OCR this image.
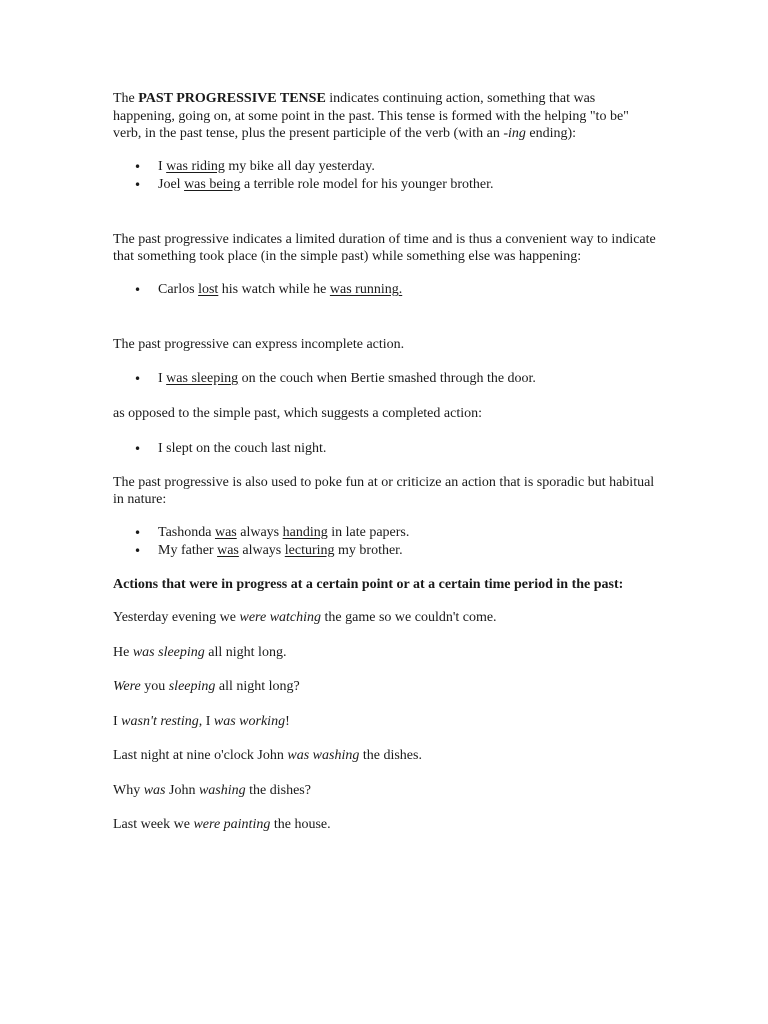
The PAST PROGRESSIVE TENSE indicates continuing action, something that was happening, going on, at some point in the past. This tense is formed with the helping "to be" verb, in the past tense, plus the present participle of the verb (with an -ing ending):

• I was riding my bike all day yesterday.
• Joel was being a terrible role model for his younger brother.

The past progressive indicates a limited duration of time and is thus a convenient way to indicate that something took place (in the simple past) while something else was happening:

• Carlos lost his watch while he was running.

The past progressive can express incomplete action.

• I was sleeping on the couch when Bertie smashed through the door.

as opposed to the simple past, which suggests a completed action:

• I slept on the couch last night.

The past progressive is also used to poke fun at or criticize an action that is sporadic but habitual in nature:

• Tashonda was always handing in late papers.
• My father was always lecturing my brother.

Actions that were in progress at a certain point or at a certain time period in the past:

Yesterday evening we were watching the game so we couldn't come.

He was sleeping all night long.

Were you sleeping all night long?

I wasn't resting, I was working!

Last night at nine o'clock John was washing the dishes.

Why was John washing the dishes?

Last week we were painting the house.
